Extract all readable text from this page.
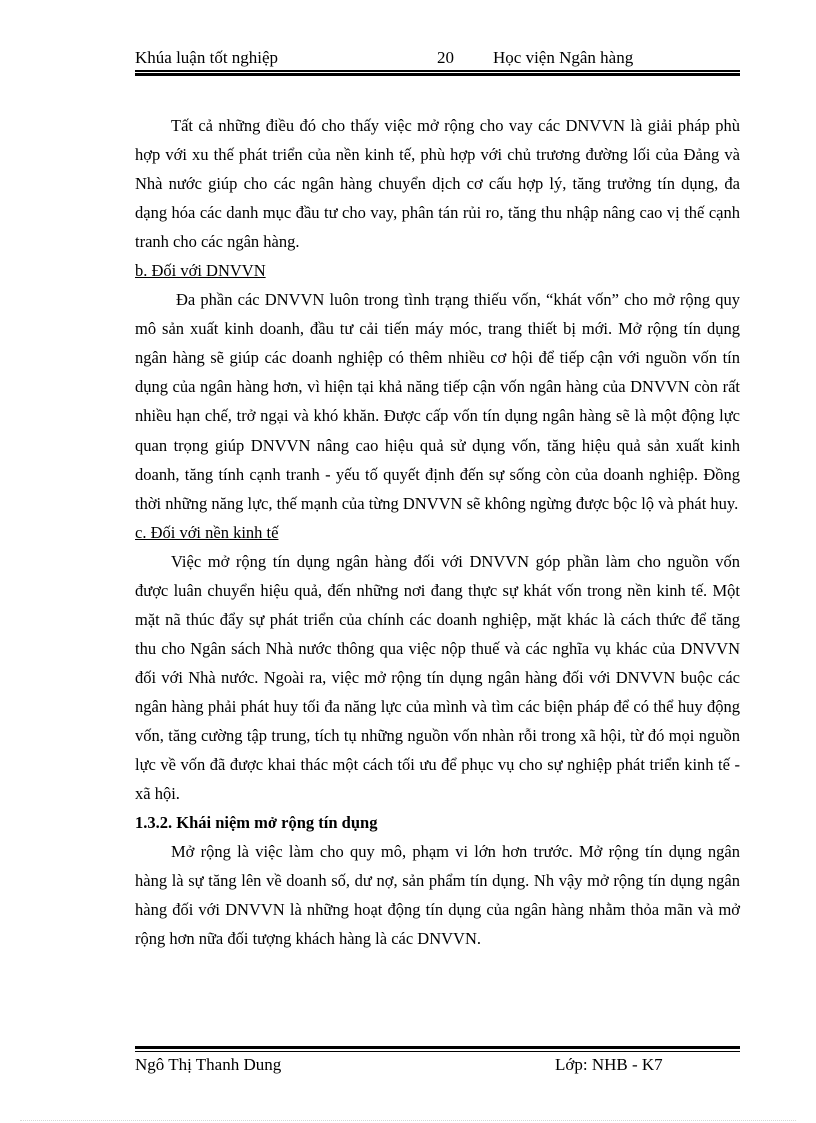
Khúa luận tốt nghiệp	20 Học viện Ngân hàng

Tất cả những điều đó cho thấy việc mở rộng cho vay các DNVVN là giải pháp phù hợp với xu thế phát triển của nền kinh tế, phù hợp với chủ trương đường lối của Đảng và Nhà nước giúp cho các ngân hàng chuyển dịch cơ cấu hợp lý, tăng trưởng tín dụng, đa dạng hóa các danh mục đầu tư cho vay, phân tán rủi ro, tăng thu nhập nâng cao vị thế cạnh tranh cho các ngân hàng.

b. Đối với DNVVN

Đa phần các DNVVN luôn trong tình trạng thiếu vốn, “khát vốn” cho mở rộng quy mô sản xuất kinh doanh, đầu tư cải tiến máy móc, trang thiết bị mới. Mở rộng tín dụng ngân hàng sẽ giúp các doanh nghiệp có thêm nhiều cơ hội để tiếp cận với nguồn vốn tín dụng của ngân hàng hơn, vì hiện tại khả năng tiếp cận vốn ngân hàng của DNVVN còn rất nhiều hạn chế, trở ngại và khó khăn. Được cấp vốn tín dụng ngân hàng sẽ là một động lực quan trọng giúp DNVVN nâng cao hiệu quả sử dụng vốn, tăng hiệu quả sản xuất kinh doanh, tăng tính cạnh tranh - yếu tố quyết định đến sự sống còn của doanh nghiệp. Đồng thời những năng lực, thế mạnh của từng DNVVN sẽ không ngừng được bộc lộ và phát huy.

c. Đối với nền kinh tế

Việc mở rộng tín dụng ngân hàng đối với DNVVN góp phần làm cho nguồn vốn được luân chuyển hiệu quả, đến những nơi đang thực sự khát vốn trong nền kinh tế. Một mặt nã thúc đẩy sự phát triển của chính các doanh nghiệp, mặt khác là cách thức để tăng thu cho Ngân sách Nhà nước thông qua việc nộp thuế và các nghĩa vụ khác của DNVVN đối với Nhà nước. Ngoài ra, việc mở rộng tín dụng ngân hàng đối với DNVVN buộc các ngân hàng phải phát huy tối đa năng lực của mình và tìm các biện pháp để có thể huy động vốn, tăng cường tập trung, tích tụ những nguồn vốn nhàn rỗi trong xã hội, từ đó mọi nguồn lực về vốn đã được khai thác một cách tối ưu để phục vụ cho sự nghiệp phát triển kinh tế - xã hội.

1.3.2. Khái niệm mở rộng tín dụng

Mở rộng là việc làm cho quy mô, phạm vi lớn hơn trước. Mở rộng tín dụng ngân hàng là sự tăng lên về doanh số, dư nợ, sản phẩm tín dụng. Nh vậy mở rộng tín dụng ngân hàng đối với DNVVN là những hoạt động tín dụng của ngân hàng nhằm thỏa mãn và mở rộng hơn nữa đối tượng khách hàng là các DNVVN.

Ngô Thị Thanh Dung	Lớp: NHB - K7
